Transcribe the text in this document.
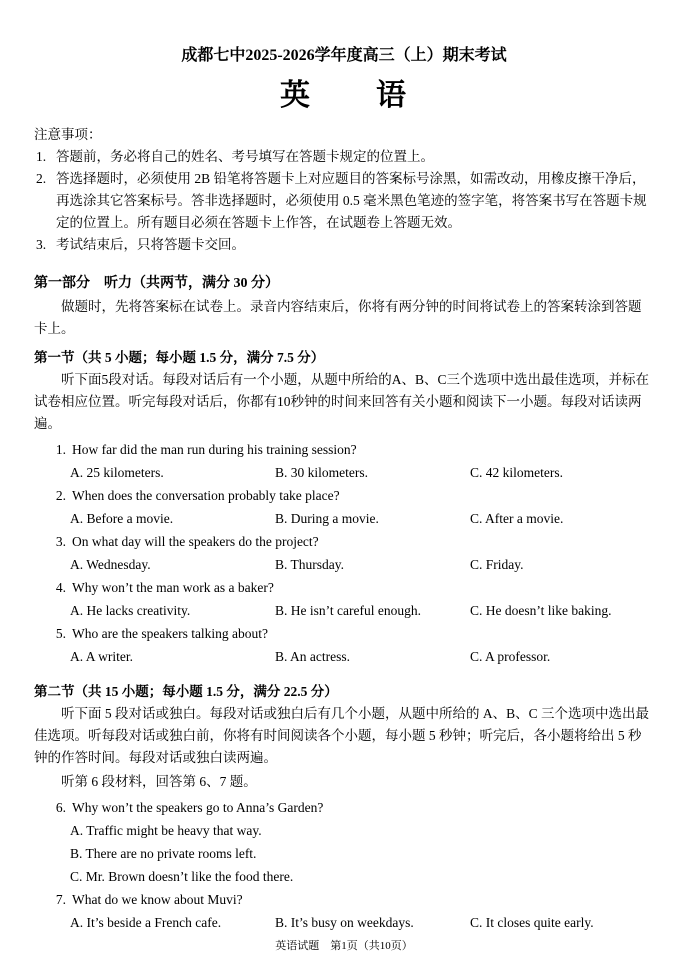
成都七中2025-2026学年度高三（上）期末考试
英　　语
注意事项：
1. 答题前，务必将自己的姓名、考号填写在答题卡规定的位置上。
2. 答选择题时，必须使用 2B 铅笔将答题卡上对应题目的答案标号涂黑，如需改动，用橡皮擦干净后，再选涂其它答案标号。答非选择题时，必须使用 0.5 毫米黑色笔迹的签字笔，将答案书写在答题卡规定的位置上。所有题目必须在答题卡上作答，在试题卷上答题无效。
3. 考试结束后，只将答题卡交回。
第一部分　听力（共两节，满分 30 分）
做题时，先将答案标在试卷上。录音内容结束后，你将有两分钟的时间将试卷上的答案转涂到答题卡上。
第一节（共 5 小题；每小题 1.5 分，满分 7.5 分）
听下面5段对话。每段对话后有一个小题，从题中所给的A、B、C三个选项中选出最佳选项，并标在试卷相应位置。听完每段对话后，你都有10秒钟的时间来回答有关小题和阅读下一小题。每段对话读两遍。
1. How far did the man run during his training session?
A. 25 kilometers.	B. 30 kilometers.	C. 42 kilometers.
2. When does the conversation probably take place?
A. Before a movie.	B. During a movie.	C. After a movie.
3. On what day will the speakers do the project?
A. Wednesday.	B. Thursday.	C. Friday.
4. Why won’t the man work as a baker?
A. He lacks creativity.	B. He isn’t careful enough.	C. He doesn’t like baking.
5. Who are the speakers talking about?
A. A writer.	B. An actress.	C. A professor.
第二节（共 15 小题；每小题 1.5 分，满分 22.5 分）
听下面 5 段对话或独白。每段对话或独白后有几个小题，从题中所给的 A、B、C 三个选项中选出最佳选项。听每段对话或独白前，你将有时间阅读各个小题，每小题 5 秒钟；听完后，各小题将给出 5 秒钟的作答时间。每段对话或独白读两遍。
听第 6 段材料，回答第 6、7 题。
6. Why won’t the speakers go to Anna’s Garden?
A. Traffic might be heavy that way.
B. There are no private rooms left.
C. Mr. Brown doesn’t like the food there.
7. What do we know about Muvi?
A. It’s beside a French cafe.	B. It’s busy on weekdays.	C. It closes quite early.
英语试题　第1页（共10页）
